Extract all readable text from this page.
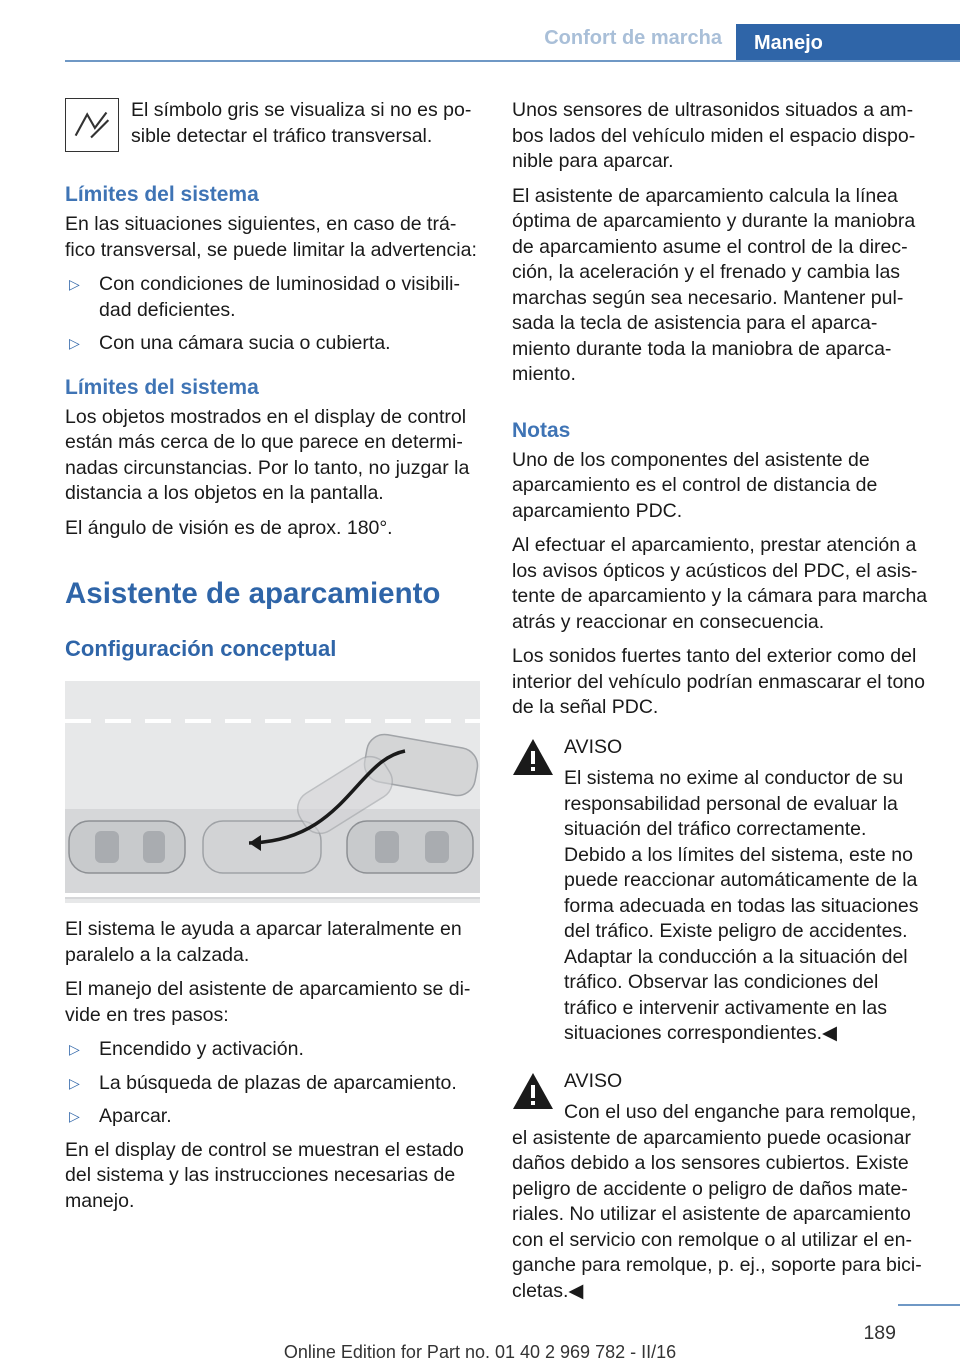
Confort de marcha	Manejo
El símbolo gris se visualiza si no es posible detectar el tráfico transversal.
Límites del sistema

En las situaciones siguientes, en caso de tráfico transversal, se puede limitar la advertencia:

▷ Con condiciones de luminosidad o visibilidad deficientes.
▷ Con una cámara sucia o cubierta.
Límites del sistema

Los objetos mostrados en el display de control están más cerca de lo que parece en determinadas circunstancias. Por lo tanto, no juzgar la distancia a los objetos en la pantalla.

El ángulo de visión es de aprox. 180°.

Asistente de aparcamiento
Configuración conceptual

El sistema le ayuda a aparcar lateralmente en paralelo a la calzada.

El manejo del asistente de aparcamiento se divide en tres pasos:

▷ Encendido y activación.
▷ La búsqueda de plazas de aparcamiento.
▷ Aparcar.

En el display de control se muestran el estado del sistema y las instrucciones necesarias de manejo.

Unos sensores de ultrasonidos situados a ambos lados del vehículo miden el espacio disponible para aparcar.

El asistente de aparcamiento calcula la línea óptima de aparcamiento y durante la maniobra de aparcamiento asume el control de la dirección, la aceleración y el frenado y cambia las marchas según sea necesario. Mantener pulsada la tecla de asistencia para el aparcamiento durante toda la maniobra de aparcamiento.

Notas

Uno de los componentes del asistente de aparcamiento es el control de distancia de aparcamiento PDC.

Al efectuar el aparcamiento, prestar atención a los avisos ópticos y acústicos del PDC, el asistente de aparcamiento y la cámara para marcha atrás y reaccionar en consecuencia.

Los sonidos fuertes tanto del exterior como del interior del vehículo podrían enmascarar el tono de la señal PDC.

AVISO
El sistema no exime al conductor de su responsabilidad personal de evaluar la situación del tráfico correctamente. Debido a los límites del sistema, este no puede reaccionar automáticamente de la forma adecuada en todas las situaciones del tráfico. Existe peligro de accidentes. Adaptar la conducción a la situación del tráfico. Observar las condiciones del tráfico e intervenir activamente en las situaciones correspondientes.◀
AVISO
Con el uso del enganche para remolque, el asistente de aparcamiento puede ocasionar daños debido a los sensores cubiertos. Existe peligro de accidente o peligro de daños materiales. No utilizar el asistente de aparcamiento con el servicio con remolque o al utilizar el enganche para remolque, p. ej., soporte para bicicletas.◀
189
Online Edition for Part no. 01 40 2 969 782 - II/16
